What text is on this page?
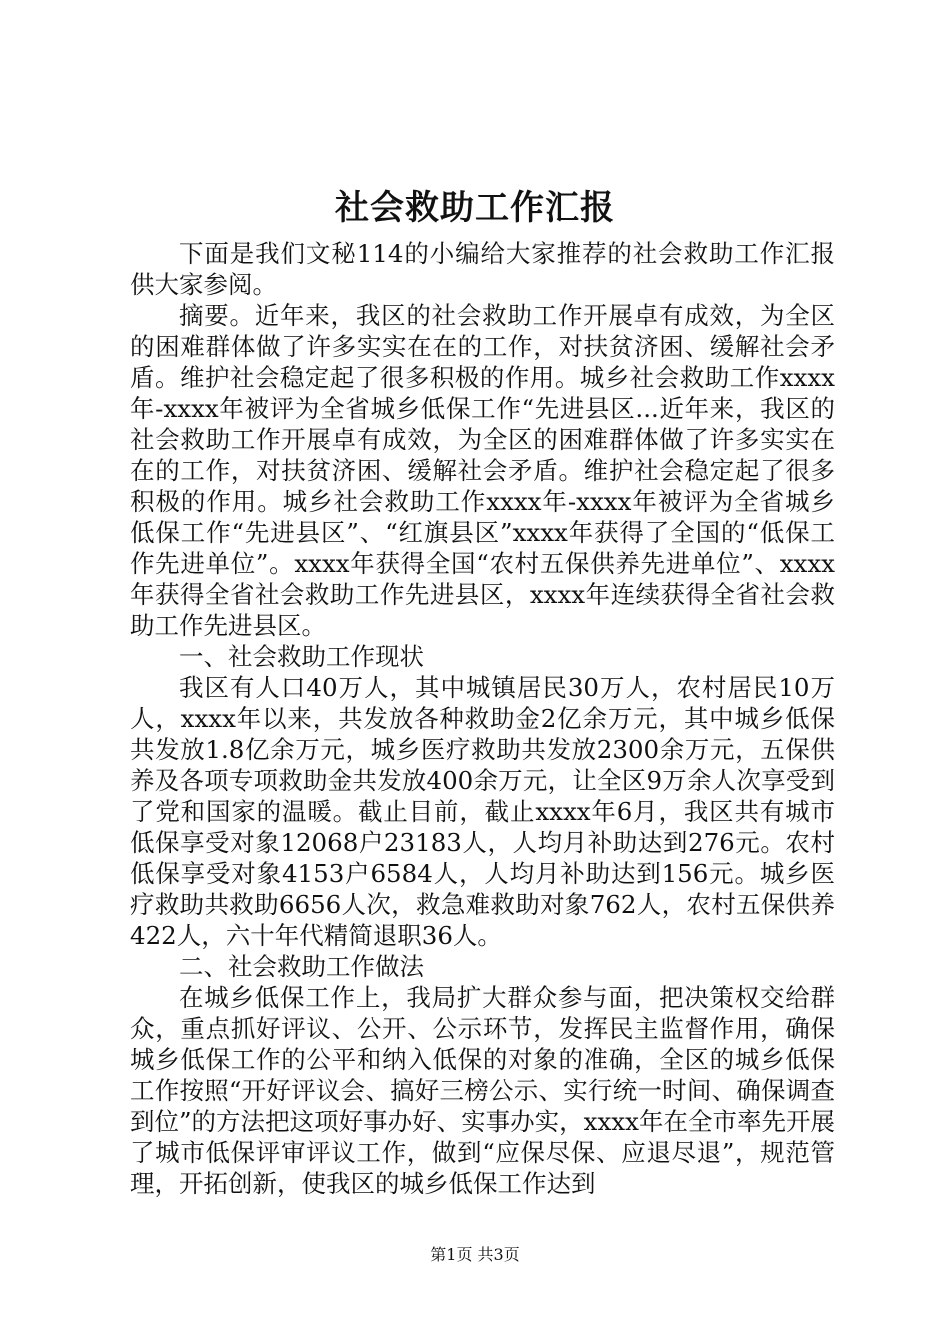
社会救助工作汇报

下面是我们文秘114的小编给大家推荐的社会救助工作汇报供大家参阅。

摘要。近年来，我区的社会救助工作开展卓有成效，为全区的困难群体做了许多实实在在的工作，对扶贫济困、缓解社会矛盾。维护社会稳定起了很多积极的作用。城乡社会救助工作xxxx年-xxxx年被评为全省城乡低保工作“先进县区...近年来，我区的社会救助工作开展卓有成效，为全区的困难群体做了许多实实在在的工作，对扶贫济困、缓解社会矛盾。维护社会稳定起了很多积极的作用。城乡社会救助工作xxxx年-xxxx年被评为全省城乡低保工作“先进县区”、“红旗县区”xxxx年获得了全国的“低保工作先进单位”。xxxx年获得全国“农村五保供养先进单位”、xxxx年获得全省社会救助工作先进县区，xxxx年连续获得全省社会救助工作先进县区。

一、社会救助工作现状

我区有人口40万人，其中城镇居民30万人，农村居民10万人，xxxx年以来，共发放各种救助金2亿余万元，其中城乡低保共发放1.8亿余万元，城乡医疗救助共发放2300余万元，五保供养及各项专项救助金共发放400余万元，让全区9万余人次享受到了党和国家的温暖。截止目前，截止xxxx年6月，我区共有城市低保享受对象12068户23183人，人均月补助达到276元。农村低保享受对象4153户6584人，人均月补助达到156元。城乡医疗救助共救助6656人次，救急难救助对象762人，农村五保供养422人，六十年代精简退职36人。

二、社会救助工作做法

在城乡低保工作上，我局扩大群众参与面，把决策权交给群众，重点抓好评议、公开、公示环节，发挥民主监督作用，确保城乡低保工作的公平和纳入低保的对象的准确，全区的城乡低保工作按照“开好评议会、搞好三榜公示、实行统一时间、确保调查到位”的方法把这项好事办好、实事办实，xxxx年在全市率先开展了城市低保评审评议工作，做到“应保尽保、应退尽退”，规范管理，开拓创新，使我区的城乡低保工作达到

第1页 共3页
